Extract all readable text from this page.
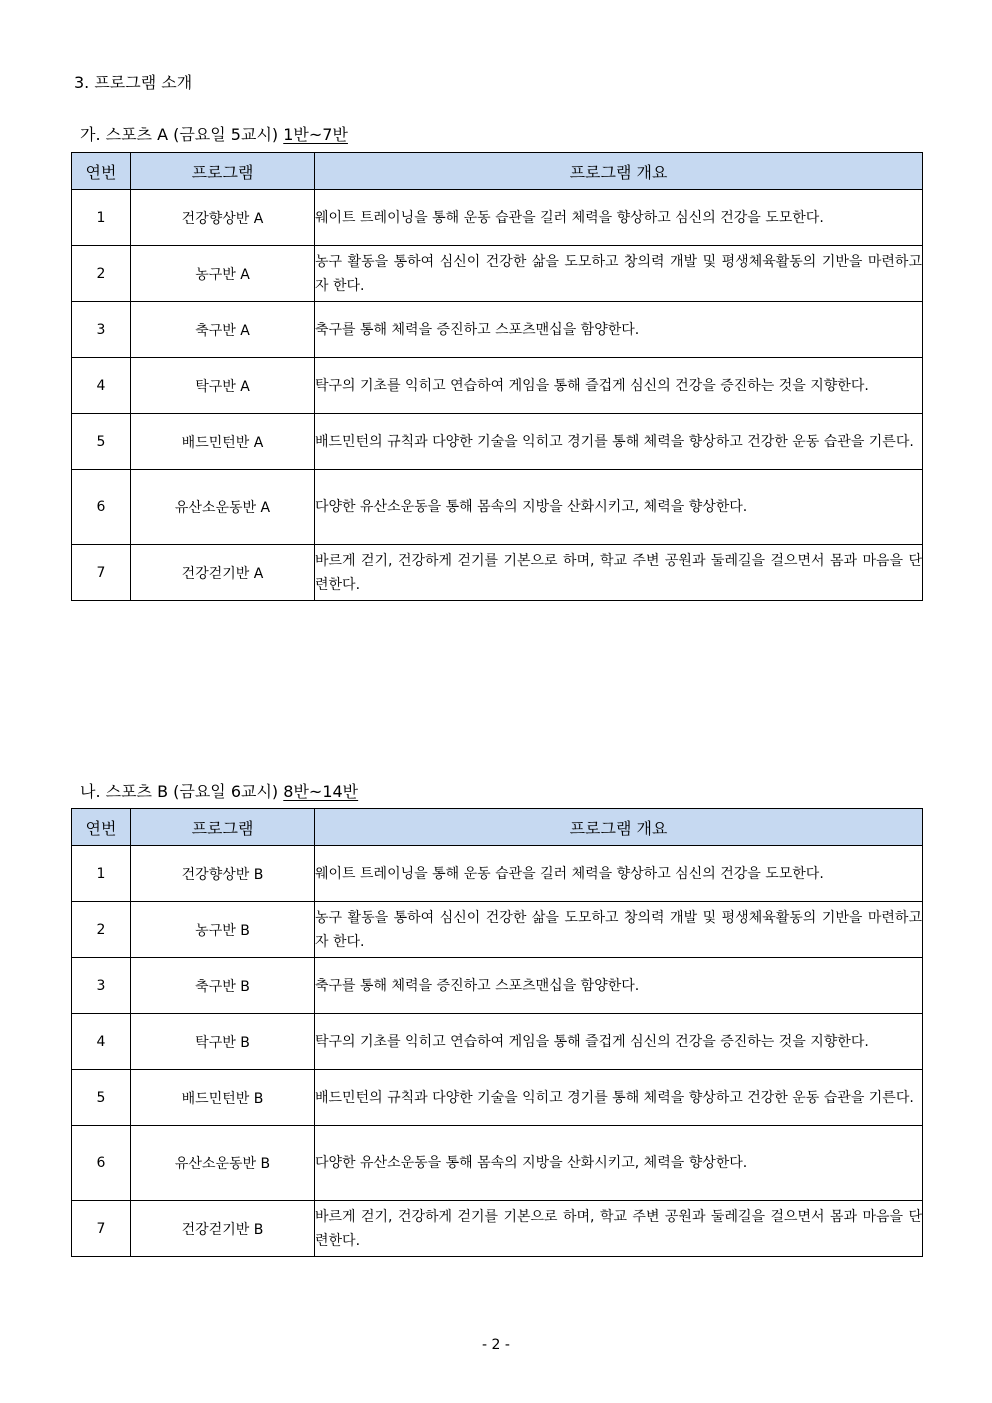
3. 프로그램 소개
가. 스포츠 A (금요일 5교시) 1반~7반
연번	프로그램	프로그램 개요
1	건강향상반 A	웨이트 트레이닝을 통해 운동 습관을 길러 체력을 향상하고 심신의 건강을 도모한다.
2	농구반 A	농구 활동을 통하여 심신이 건강한 삶을 도모하고 창의력 개발 및 평생체육활동의 기반을 마련하고자 한다.
3	축구반 A	축구를 통해 체력을 증진하고 스포츠맨십을 함양한다.
4	탁구반 A	탁구의 기초를 익히고 연습하여 게임을 통해 즐겁게 심신의 건강을 증진하는 것을 지향한다.
5	배드민턴반 A	배드민턴의 규칙과 다양한 기술을 익히고 경기를 통해 체력을 향상하고 건강한 운동 습관을 기른다.
6	유산소운동반 A	다양한 유산소운동을 통해 몸속의 지방을 산화시키고, 체력을 향상한다.
7	건강걷기반 A	바르게 걷기, 건강하게 걷기를 기본으로 하며, 학교 주변 공원과 둘레길을 걸으면서 몸과 마음을 단련한다.
나. 스포츠 B (금요일 6교시) 8반~14반
연번	프로그램	프로그램 개요
1	건강향상반 B	웨이트 트레이닝을 통해 운동 습관을 길러 체력을 향상하고 심신의 건강을 도모한다.
2	농구반 B	농구 활동을 통하여 심신이 건강한 삶을 도모하고 창의력 개발 및 평생체육활동의 기반을 마련하고자 한다.
3	축구반 B	축구를 통해 체력을 증진하고 스포츠맨십을 함양한다.
4	탁구반 B	탁구의 기초를 익히고 연습하여 게임을 통해 즐겁게 심신의 건강을 증진하는 것을 지향한다.
5	배드민턴반 B	배드민턴의 규칙과 다양한 기술을 익히고 경기를 통해 체력을 향상하고 건강한 운동 습관을 기른다.
6	유산소운동반 B	다양한 유산소운동을 통해 몸속의 지방을 산화시키고, 체력을 향상한다.
7	건강걷기반 B	바르게 걷기, 건강하게 걷기를 기본으로 하며, 학교 주변 공원과 둘레길을 걸으면서 몸과 마음을 단련한다.
- 2 -
